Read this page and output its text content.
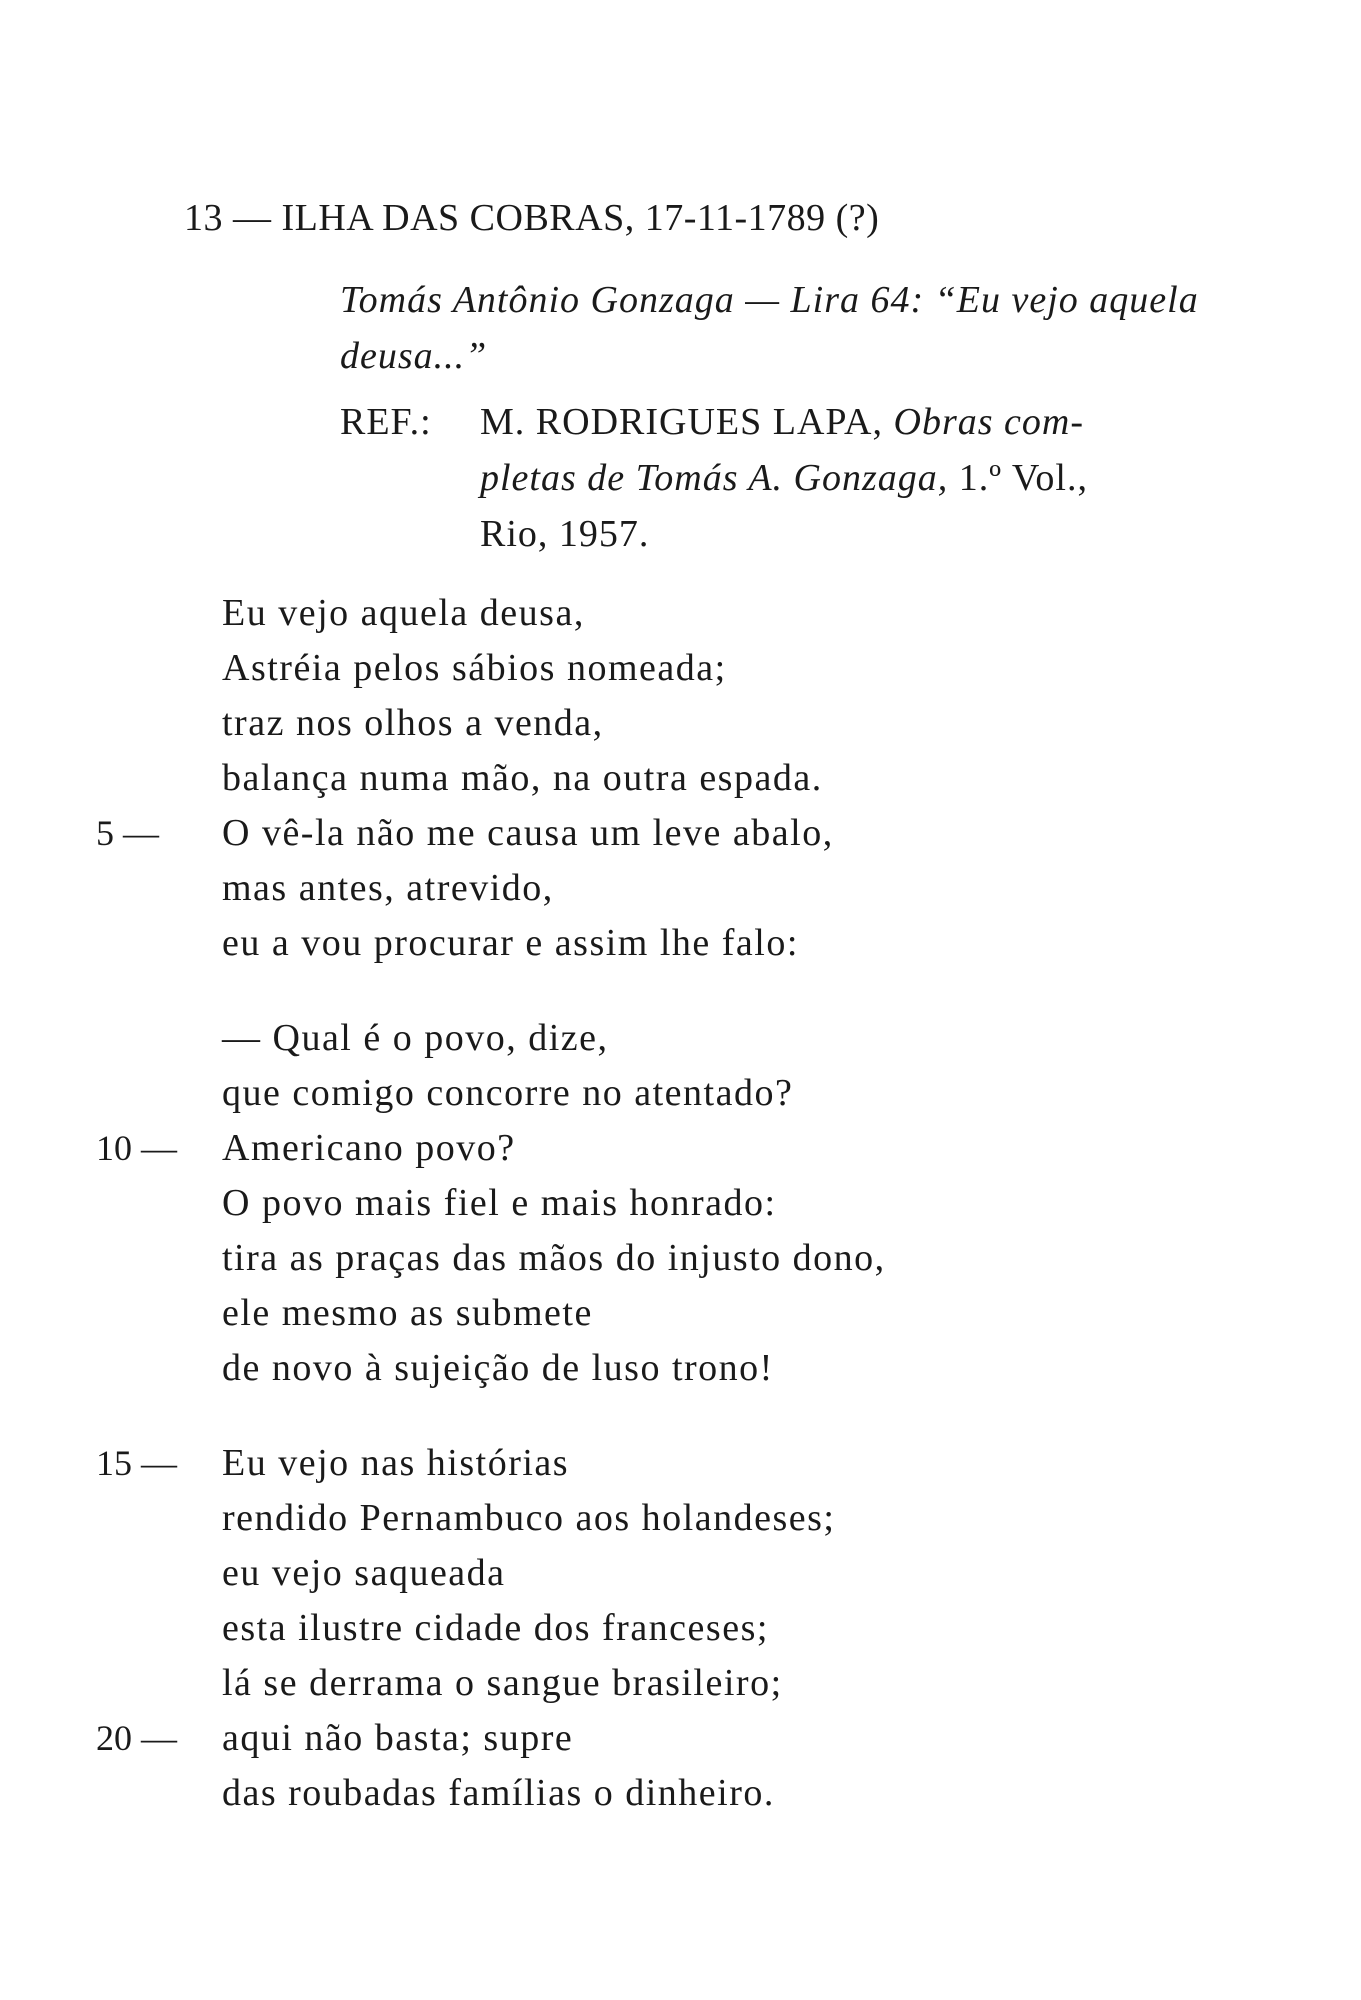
13 — ILHA DAS COBRAS, 17-11-1789 (?)
Tomás Antônio Gonzaga — Lira 64: “Eu vejo aquela deusa...”
REF.: M. RODRIGUES LAPA, Obras com-
pletas de Tomás A. Gonzaga, 1.º Vol.,
Rio, 1957.
Eu vejo aquela deusa,
Astréia pelos sábios nomeada;
traz nos olhos a venda,
balança numa mão, na outra espada.
5 — O vê-la não me causa um leve abalo,
mas antes, atrevido,
eu a vou procurar e assim lhe falo:
— Qual é o povo, dize,
que comigo concorre no atentado?
10 — Americano povo?
O povo mais fiel e mais honrado:
tira as praças das mãos do injusto dono,
ele mesmo as submete
de novo à sujeição de luso trono!
15 — Eu vejo nas histórias
rendido Pernambuco aos holandeses;
eu vejo saqueada
esta ilustre cidade dos franceses;
lá se derrama o sangue brasileiro;
20 — aqui não basta; supre
das roubadas famílias o dinheiro.
